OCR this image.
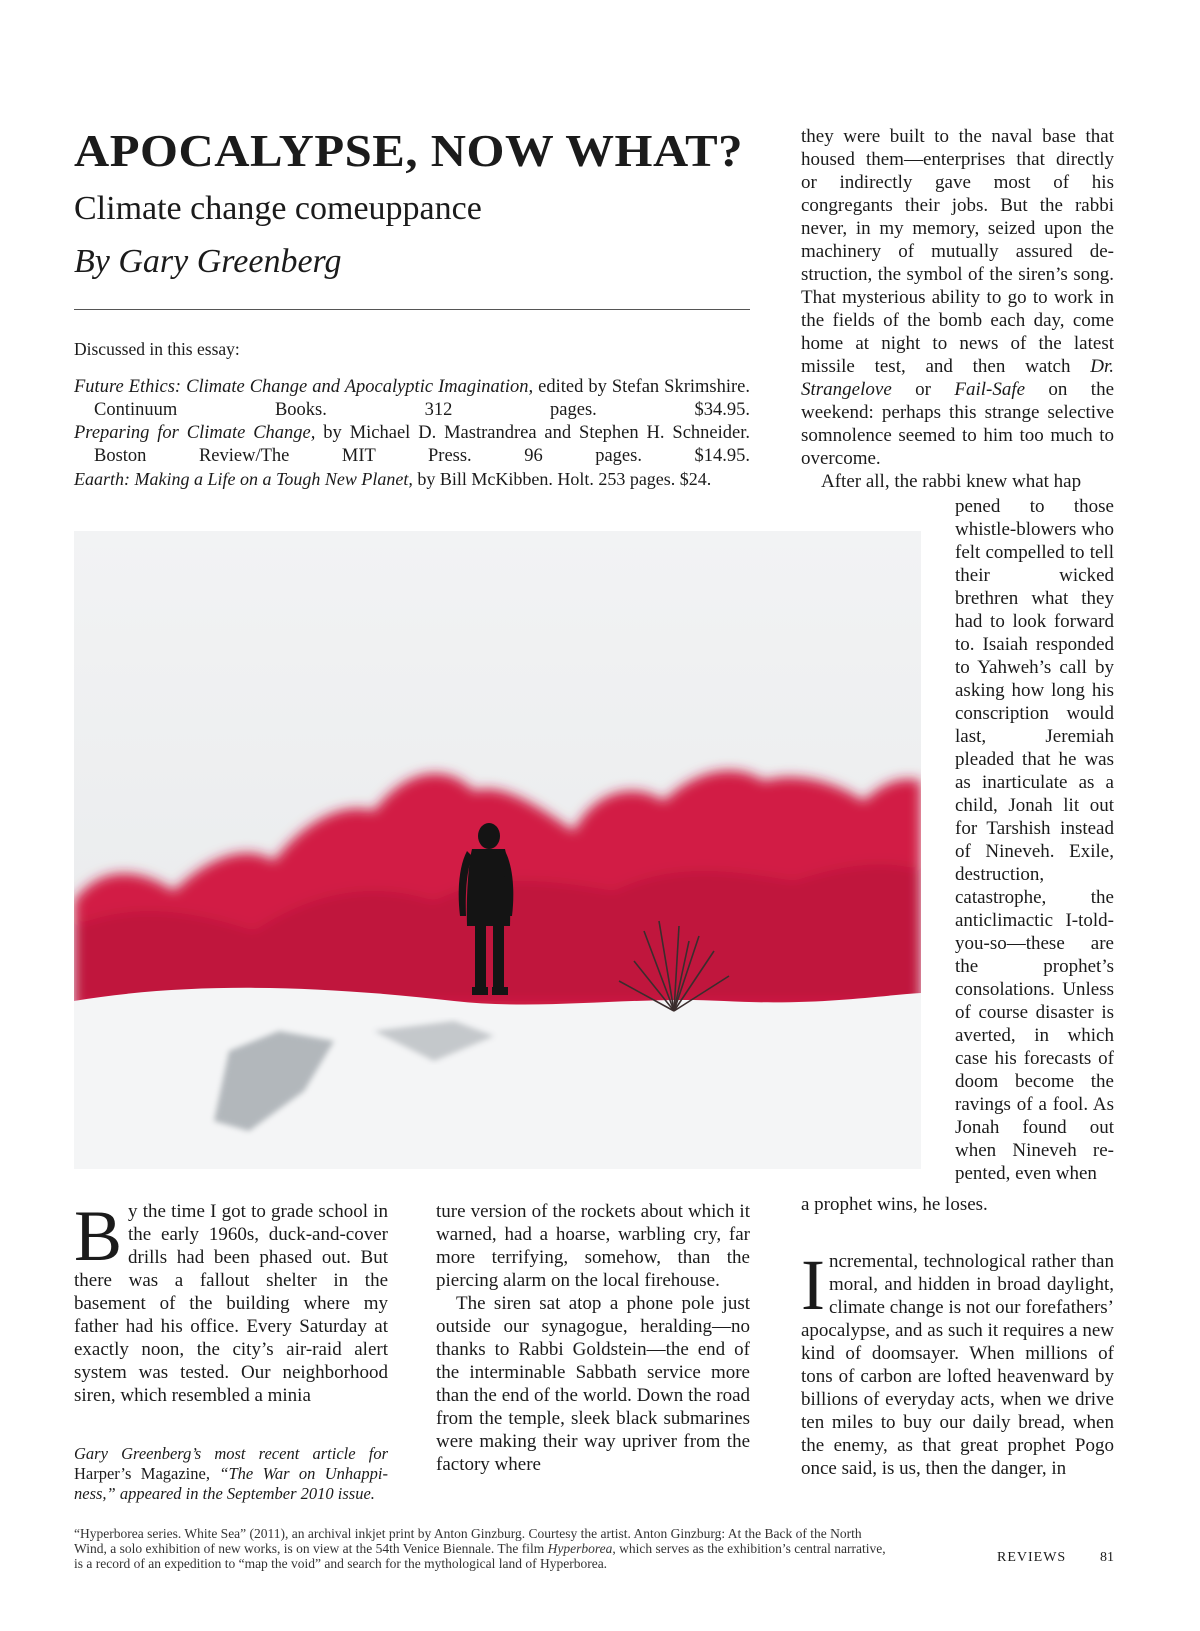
APOCALYPSE, NOW WHAT?
Climate change comeuppance
By Gary Greenberg
Discussed in this essay:
Future Ethics: Climate Change and Apocalyptic Imagination, edited by Stefan Skrimshire. Continuum Books. 312 pages. $34.95.
Preparing for Climate Change, by Michael D. Mastrandrea and Stephen H. Schneider. Boston Review/The MIT Press. 96 pages. $14.95.
Eaarth: Making a Life on a Tough New Planet, by Bill McKibben. Holt. 253 pages. $24.

By the time I got to grade school in the early 1960s, duck-and-cover drills had been phased out. But there was a fallout shelter in the basement of the building where my father had his office. Every Saturday at exactly noon, the city’s air-raid alert system was tested. Our neighborhood siren, which resembled a minia

Gary Greenberg’s most recent article for Harper’s Magazine, “The War on Unhappiness,” appeared in the September 2010 issue.

ture version of the rockets about which it warned, had a hoarse, warbling cry, far more terrifying, somehow, than the piercing alarm on the local firehouse.

The siren sat atop a phone pole just outside our synagogue, heralding—no thanks to Rabbi Goldstein—the end of the interminable Sabbath service more than the end of the world. Down the road from the temple, sleek black submarines were making their way upriver from the factory where

they were built to the naval base that housed them—enterprises that directly or indirectly gave most of his congregants their jobs. But the rabbi never, in my memory, seized upon the machinery of mutually assured destruction, the symbol of the siren’s song. That mysterious ability to go to work in the fields of the bomb each day, come home at night to news of the latest missile test, and then watch Dr. Strangelove or Fail-Safe on the weekend: perhaps this strange selective somnolence seemed to him too much to overcome.

After all, the rabbi knew what hap

pened to those whistle-blowers who felt compelled to tell their wicked brethren what they had to look forward to. Isaiah responded to Yahweh’s call by asking how long his conscription would last, Jeremiah pleaded that he was as inarticulate as a child, Jonah lit out for Tarshish instead of Nineveh. Exile, destruction, catastrophe, the anticlimactic I-told-you-so—these are the prophet’s consolations. Unless of course disaster is averted, in which case his forecasts of doom become the ravings of a fool. As Jonah found out when Nineveh repented, even when

a prophet wins, he loses.

Incremental, technological rather than moral, and hidden in broad daylight, climate change is not our forefathers’ apocalypse, and as such it requires a new kind of doomsayer. When millions of tons of carbon are lofted heavenward by billions of everyday acts, when we drive ten miles to buy our daily bread, when the enemy, as that great prophet Pogo once said, is us, then the danger, in

“Hyperborea series. White Sea” (2011), an archival inkjet print by Anton Ginzburg. Courtesy the artist. Anton Ginzburg: At the Back of the North Wind, a solo exhibition of new works, is on view at the 54th Venice Biennale. The film Hyperborea, which serves as the exhibition’s central narrative, is a record of an expedition to “map the void” and search for the mythological land of Hyperborea.	REVIEWS 81
